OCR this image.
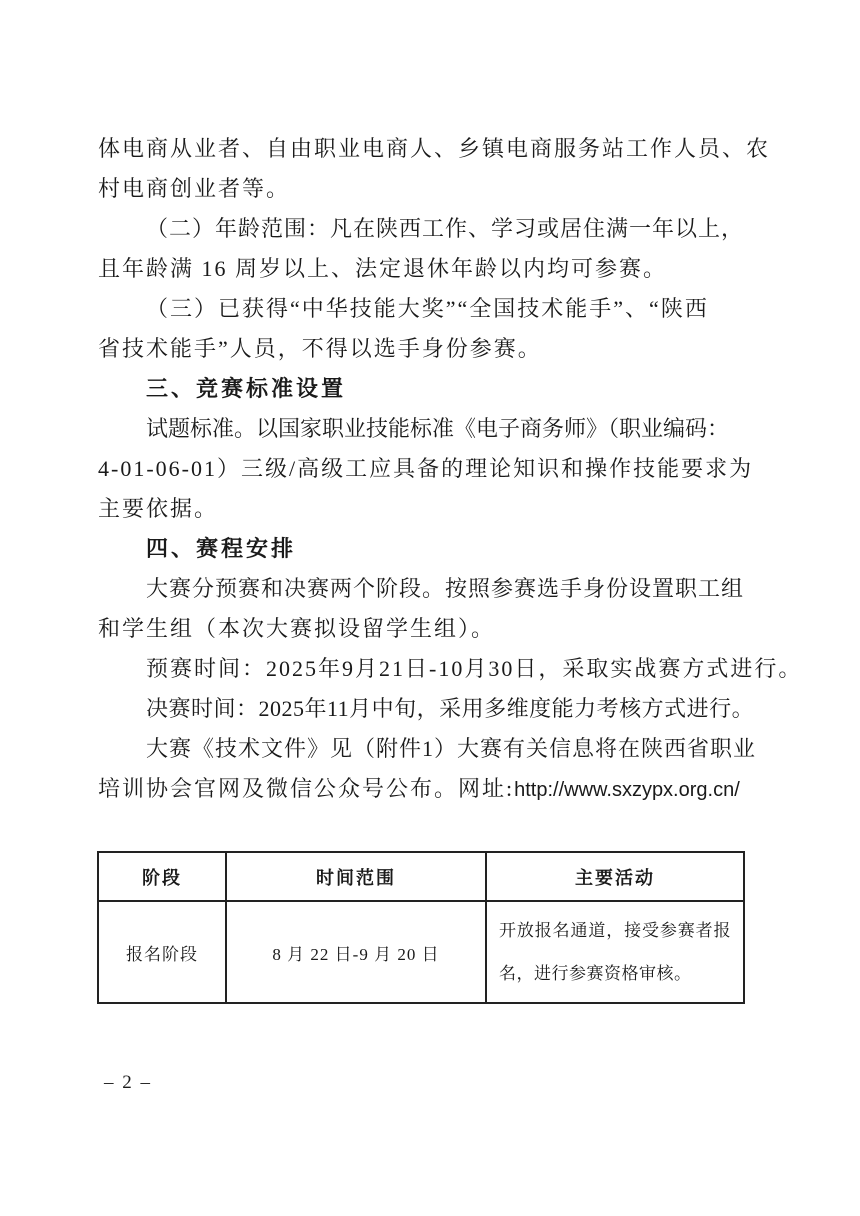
体电商从业者、自由职业电商人、乡镇电商服务站工作人员、农
村电商创业者等。
（二）年龄范围：凡在陕西工作、学习或居住满一年以上，
且年龄满 16 周岁以上、法定退休年龄以内均可参赛。
（三）已获得“中华技能大奖”“全国技术能手”、“陕西
省技术能手”人员，不得以选手身份参赛。
三、竞赛标准设置
试题标准。以国家职业技能标准《电子商务师》（职业编码：
4-01-06-01）三级/高级工应具备的理论知识和操作技能要求为
主要依据。
四、赛程安排
大赛分预赛和决赛两个阶段。按照参赛选手身份设置职工组
和学生组（本次大赛拟设留学生组）。
预赛时间：2025年9月21日-10月30日，采取实战赛方式进行。
决赛时间：2025年11月中旬，采用多维度能力考核方式进行。
大赛《技术文件》见（附件1）大赛有关信息将在陕西省职业
培训协会官网及微信公众号公布。网址:http://www.sxzypx.org.cn/
阶段	时间范围	主要活动
报名阶段	8 月 22 日-9 月 20 日	开放报名通道，接受参赛者报名，进行参赛资格审核。
– 2 –
